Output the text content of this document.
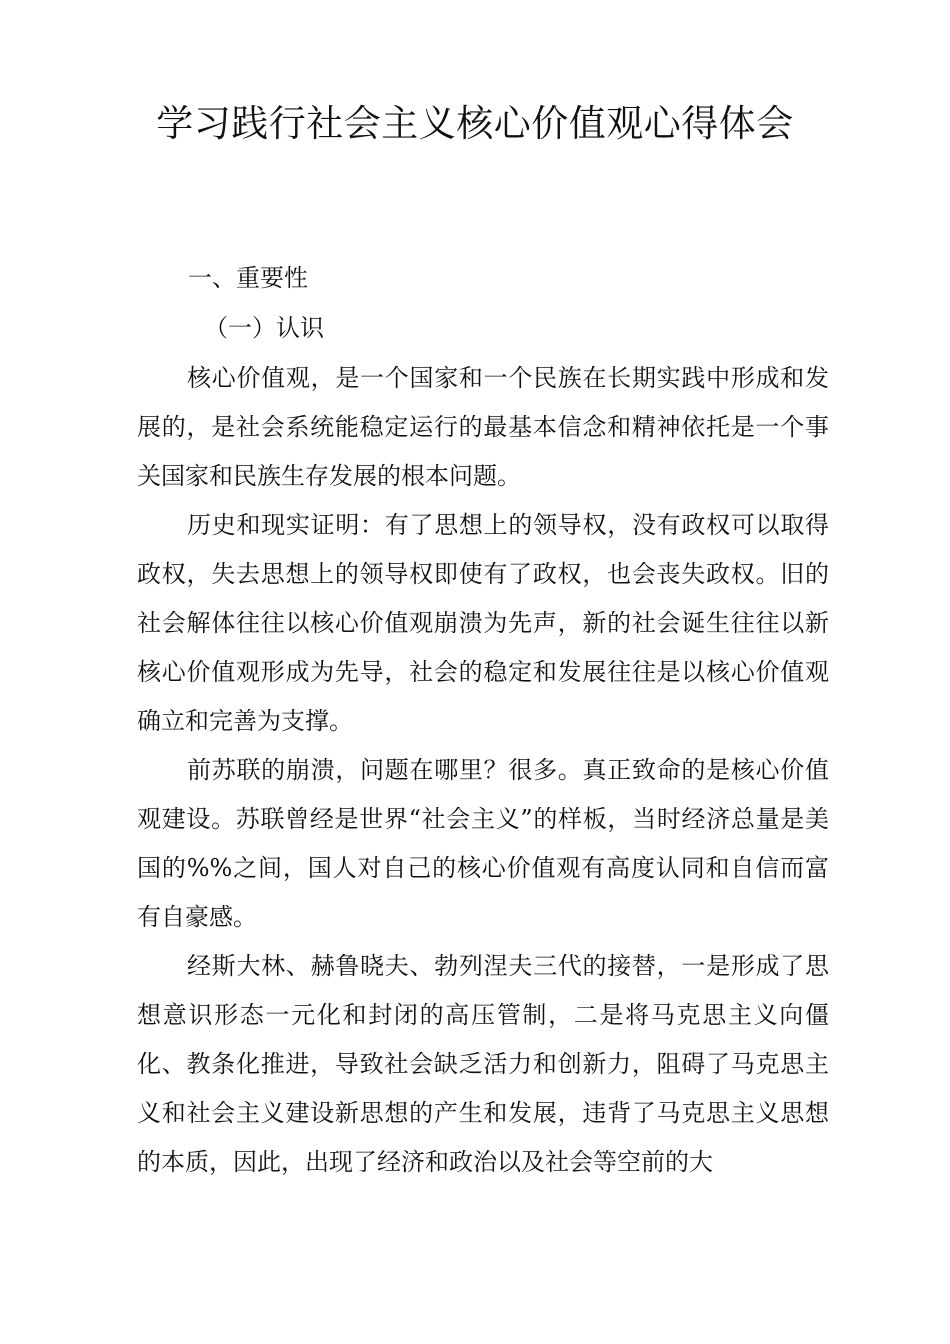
学习践行社会主义核心价值观心得体会
一、重要性
（一）认识

核心价值观，是一个国家和一个民族在长期实践中形成和发展的，是社会系统能稳定运行的最基本信念和精神依托是一个事关国家和民族生存发展的根本问题。

历史和现实证明：有了思想上的领导权，没有政权可以取得政权，失去思想上的领导权即使有了政权，也会丧失政权。旧的社会解体往往以核心价值观崩溃为先声，新的社会诞生往往以新核心价值观形成为先导，社会的稳定和发展往往是以核心价值观确立和完善为支撑。

前苏联的崩溃，问题在哪里？很多。真正致命的是核心价值观建设。苏联曾经是世界“社会主义”的样板，当时经济总量是美国的%%之间，国人对自己的核心价值观有高度认同和自信而富有自豪感。

经斯大林、赫鲁晓夫、勃列涅夫三代的接替，一是形成了思想意识形态一元化和封闭的高压管制，二是将马克思主义向僵化、教条化推进，导致社会缺乏活力和创新力，阻碍了马克思主义和社会主义建设新思想的产生和发展，违背了马克思主义思想的本质，因此，出现了经济和政治以及社会等空前的大
